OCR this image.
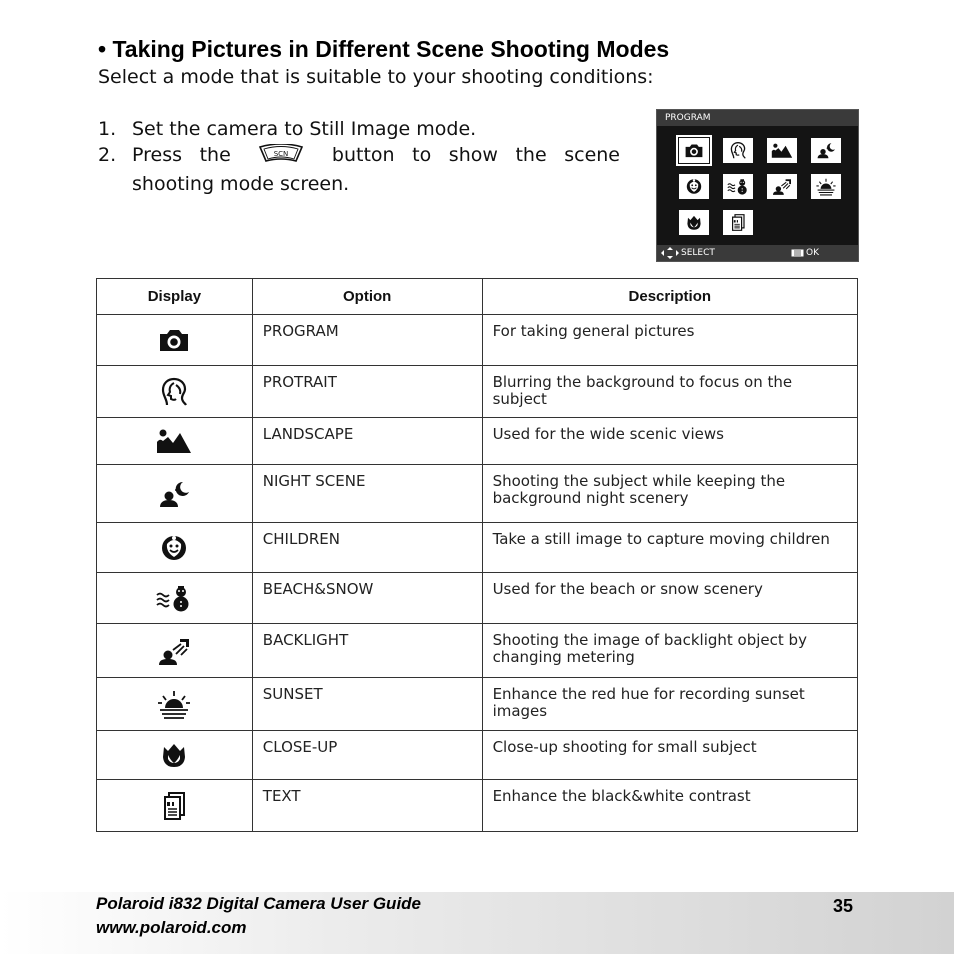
• Taking Pictures in Different Scene Shooting Modes
Select a mode that is suitable to your shooting conditions:
1. Set the camera to Still Image mode.
2. Press the	SCN button to show the scene shooting mode screen.
PROGRAM
SELECT	OK
Display	Option	Description
	PROGRAM	For taking general pictures
	PROTRAIT	Blurring the background to focus on the subject
	LANDSCAPE	Used for the wide scenic views
	NIGHT SCENE	Shooting the subject while keeping the background night scenery
	CHILDREN	Take a still image to capture moving children
	BEACH&SNOW	Used for the beach or snow scenery
	BACKLIGHT	Shooting the image of backlight object by changing metering
	SUNSET	Enhance the red hue for recording sunset images
	CLOSE-UP	Close-up shooting for small subject
	TEXT	Enhance the black&white contrast
Polaroid i832 Digital Camera User Guide
www.polaroid.com
35
